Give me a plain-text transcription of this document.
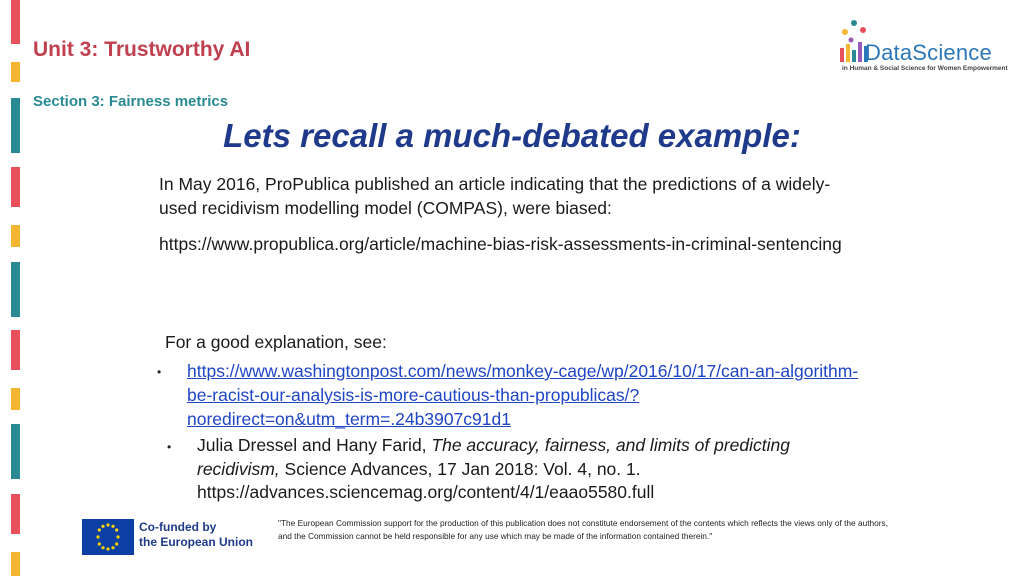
Unit 3: Trustworthy AI
Section 3: Fairness metrics
DataScience
in Human & Social Science for Women Empowerment
Lets recall a much-debated example:
In May 2016, ProPublica published an article indicating that the predictions of a widely-used recidivism modelling model (COMPAS), were biased:
https://www.propublica.org/article/machine-bias-risk-assessments-in-criminal-sentencing
For a good explanation, see:
• https://www.washingtonpost.com/news/monkey-cage/wp/2016/10/17/can-an-algorithm-be-racist-our-analysis-is-more-cautious-than-propublicas/?noredirect=on&utm_term=.24b3907c91d1
• Julia Dressel and Hany Farid, The accuracy, fairness, and limits of predicting recidivism, Science Advances, 17 Jan 2018: Vol. 4, no. 1.
https://advances.sciencemag.org/content/4/1/eaao5580.full
Co-funded by
the European Union
"The European Commission support for the production of this publication does not constitute endorsement of the contents which reflects the views only of the authors, and the Commission cannot be held responsible for any use which may be made of the information contained therein."
